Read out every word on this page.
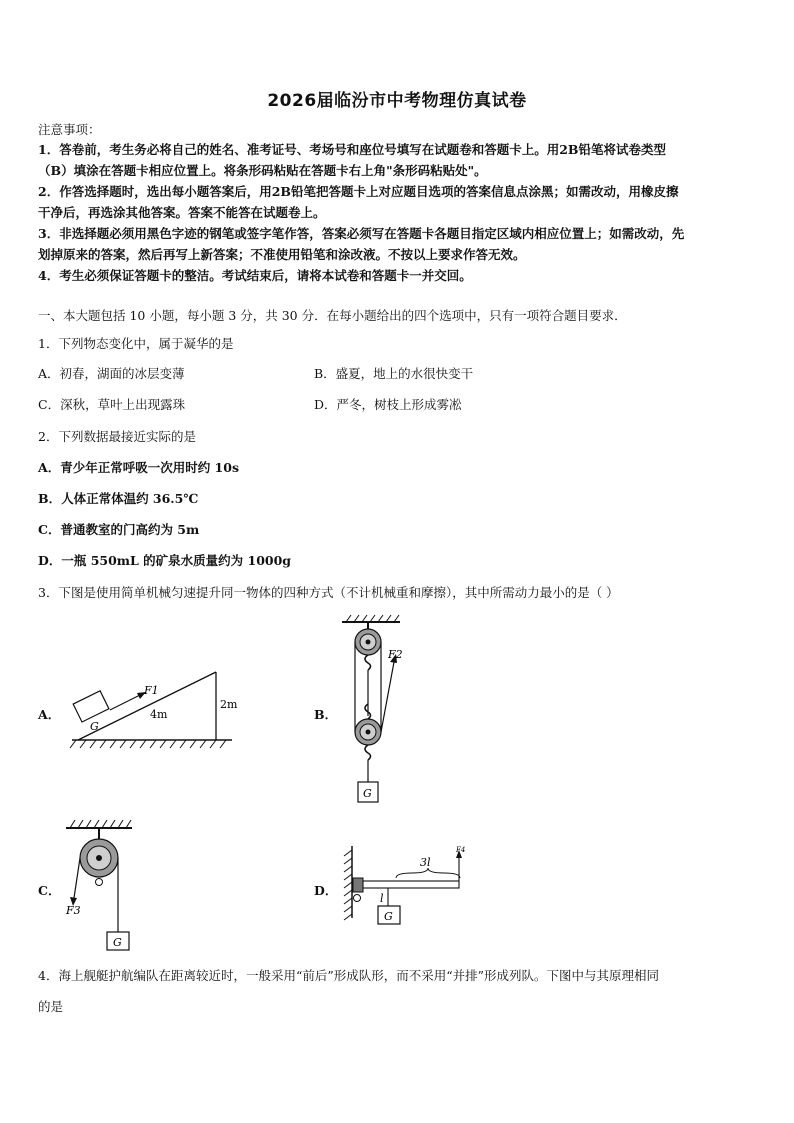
2026届临汾市中考物理仿真试卷
注意事项：
1．答卷前，考生务必将自己的姓名、准考证号、考场号和座位号填写在试题卷和答题卡上。用2B铅笔将试卷类型
（B）填涂在答题卡相应位置上。将条形码粘贴在答题卡右上角"条形码粘贴处"。
2．作答选择题时，选出每小题答案后，用2B铅笔把答题卡上对应题目选项的答案信息点涂黑；如需改动，用橡皮擦
干净后，再选涂其他答案。答案不能答在试题卷上。
3．非选择题必须用黑色字迹的钢笔或签字笔作答，答案必须写在答题卡各题目指定区域内相应位置上；如需改动，先
划掉原来的答案，然后再写上新答案；不准使用铅笔和涂改液。不按以上要求作答无效。
4．考生必须保证答题卡的整洁。考试结束后，请将本试卷和答题卡一并交回。
一、本大题包括 10 小题，每小题 3 分，共 30 分．在每小题给出的四个选项中，只有一项符合题目要求．
1．下列物态变化中，属于凝华的是
A．初春，湖面的冰层变薄	B．盛夏，地上的水很快变干
C．深秋，草叶上出现露珠	D．严冬，树枝上形成雾凇
2．下列数据最接近实际的是
A．青少年正常呼吸一次用时约 10s
B．人体正常体温约 36.5℃
C．普通教室的门高约为 5m
D．一瓶 550mL 的矿泉水质量约为 1000g
3．下图是使用简单机械匀速提升同一物体的四种方式（不计机械重和摩擦），其中所需动力最小的是（ ）
A．	B．
C．	D．
G
F1
4m
2m
F2
G
F3
G
3l
l
G
F4
4．海上舰艇护航编队在距离较近时，一般采用“前后”形成队形，而不采用“并排”形成列队。下图中与其原理相同
的是
